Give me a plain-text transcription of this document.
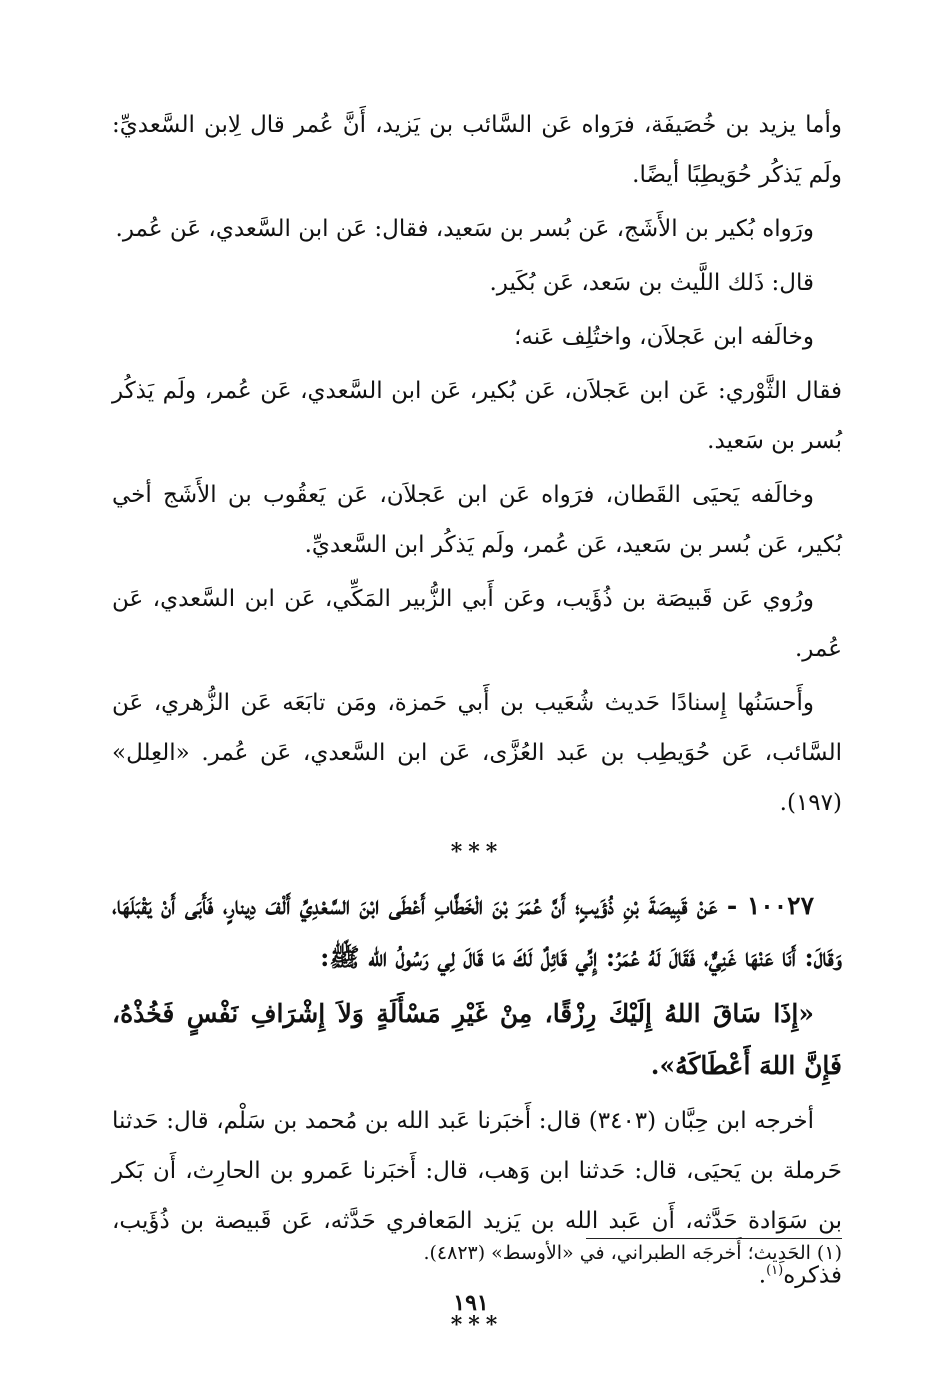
وأما يزيد بن خُصَيفَة، فرَواه عَن السَّائب بن يَزيد، أَنَّ عُمر قال لِابن السَّعديِّ: ولَم يَذكُر حُوَيطِبًا أيضًا.

ورَواه بُكير بن الأَشَج، عَن بُسر بن سَعيد، فقال: عَن ابن السَّعدي، عَن عُمر.

قال: ذَلك اللَّيث بن سَعد، عَن بُكَير.

وخالَفه ابن عَجلاَن، واختُلِف عَنه؛

فقال الثَّوْري: عَن ابن عَجلاَن، عَن بُكير، عَن ابن السَّعدي، عَن عُمر، ولَم يَذكُر بُسر بن سَعيد.

وخالَفه يَحيَى القَطان، فرَواه عَن ابن عَجلاَن، عَن يَعقُوب بن الأَشَج أخي بُكير، عَن بُسر بن سَعيد، عَن عُمر، ولَم يَذكُر ابن السَّعديِّ.

ورُوي عَن قَبيصَة بن ذُؤَيب، وعَن أَبي الزُّبير المَكِّي، عَن ابن السَّعدي، عَن عُمر.

وأَحسَنُها إِسنادًا حَديث شُعَيب بن أَبي حَمزة، ومَن تابَعَه عَن الزُّهري، عَن السَّائب، عَن حُوَيطِب بن عَبد العُزَّى، عَن ابن السَّعدي، عَن عُمر. «العِلل» (١٩٧).

***

١٠٠٢٧ - عَنْ قَبِيصَةَ بْنِ ذُؤَيبٍ؛ أَنَّ عُمَرَ بْنَ الْخَطَّابِ أَعْطَى ابْنَ السَّعْدِيِّ أَلْفَ دِينارٍ، فَأَبَى أَنْ يَقْبَلَهَا، وَقَالَ: أَنَا عَنْهَا غَنِيٌّ، فَقَالَ لَهُ عُمَرُ: إِنِّي قَائِلٌ لَكَ مَا قَالَ لِي رَسُولُ الله ﷺ:

«إِذَا سَاقَ اللهُ إِلَيْكَ رِزْقًا، مِنْ غَيْرِ مَسْأَلَةٍ وَلاَ إِشْرَافِ نَفْسٍ فَخُذْهُ، فَإِنَّ اللهَ أَعْطَاكَهُ».

أخرجه ابن حِبَّان (٣٤٠٣) قال: أَخبَرنا عَبد الله بن مُحمد بن سَلْم، قال: حَدثنا حَرملة بن يَحيَى، قال: حَدثنا ابن وَهب، قال: أَخبَرنا عَمرو بن الحارِث، أَن بَكر بن سَوَادة حَدَّثه، أَن عَبد الله بن يَزيد المَعافري حَدَّثه، عَن قَبيصة بن ذُؤَيب، فذكره$^{(١)}$.

***
(١) الحَدِيث؛ أَخرجَه الطبراني، في «الأوسط» (٤٨٢٣).
١٩١
